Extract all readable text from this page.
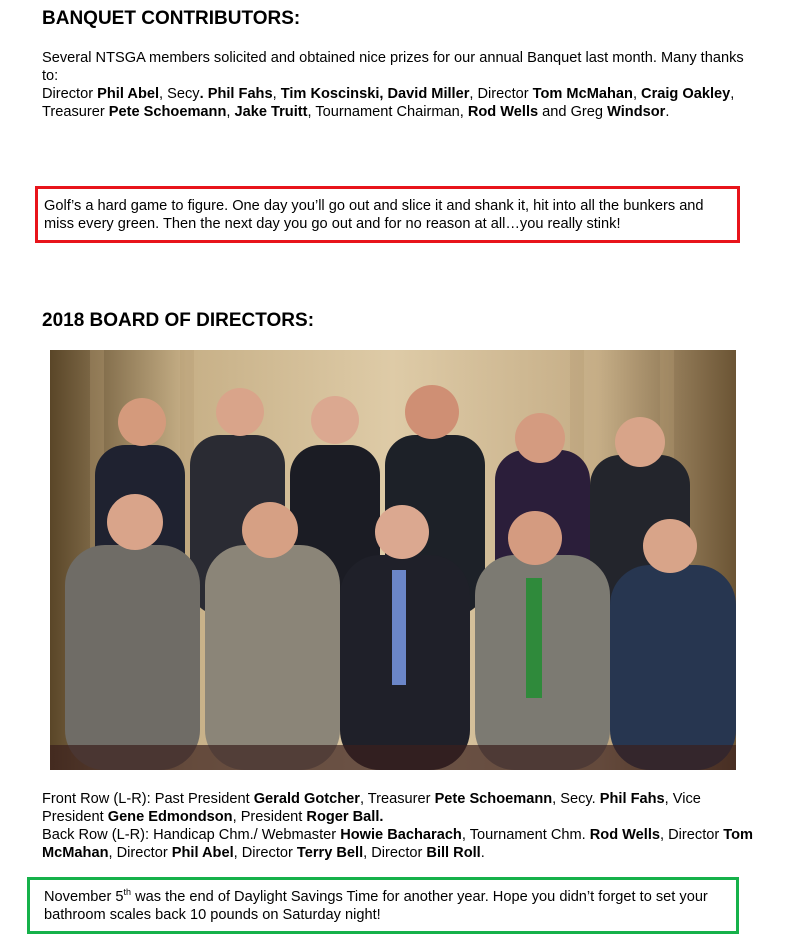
BANQUET CONTRIBUTORS:

Several NTSGA members solicited and obtained nice prizes for our annual Banquet last month. Many thanks to:
Director Phil Abel, Secy. Phil Fahs, Tim Koscinski, David Miller, Director Tom McMahan, Craig Oakley, Treasurer Pete Schoemann, Jake Truitt, Tournament Chairman, Rod Wells and Greg Windsor.

Golf’s a hard game to figure. One day you’ll go out and slice it and shank it, hit into all the bunkers and miss every green. Then the next day you go out and for no reason at all…you really stink!
2018 BOARD OF DIRECTORS:

Front Row (L-R): Past President Gerald Gotcher, Treasurer Pete Schoemann, Secy. Phil Fahs, Vice President Gene Edmondson, President Roger Ball.
Back Row (L-R): Handicap Chm./ Webmaster Howie Bacharach, Tournament Chm. Rod Wells, Director Tom McMahan, Director Phil Abel, Director Terry Bell, Director Bill Roll.

November 5th was the end of Daylight Savings Time for another year. Hope you didn’t forget to set your bathroom scales back 10 pounds on Saturday night!
